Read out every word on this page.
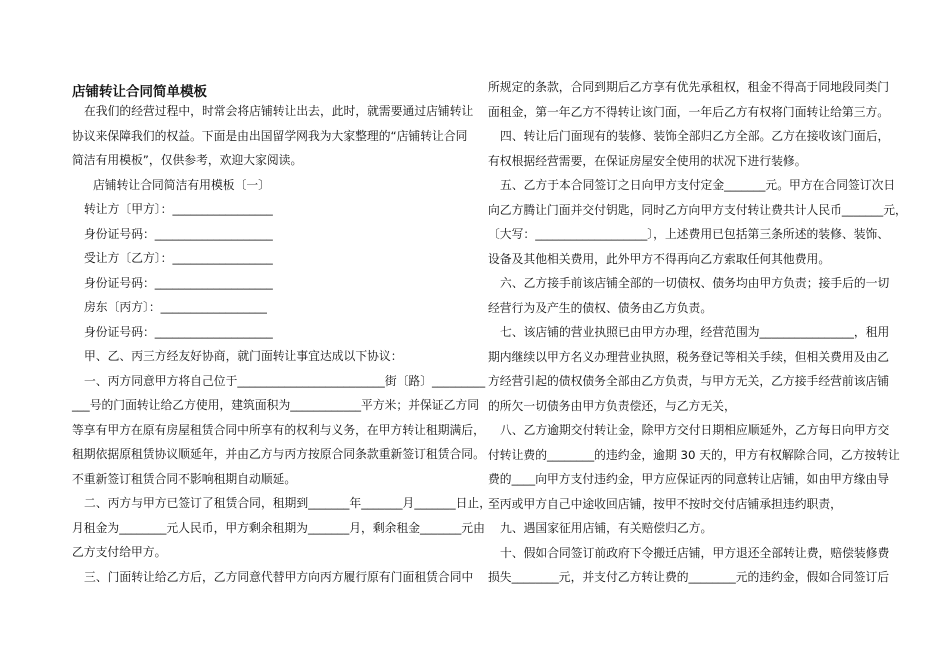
店铺转让合同简单模板
在我们的经营过程中，时常会将店铺转让出去，此时，就需要通过店铺转让
协议来保障我们的权益。下面是由出国留学网我为大家整理的“店铺转让合同
简洁有用模板”，仅供参考，欢迎大家阅读。
店铺转让合同简洁有用模板〔一〕
转让方〔甲方〕：_________________
身份证号码：____________________
受让方〔乙方〕：_________________
身份证号码：____________________
房东〔丙方〕：__________________
身份证号码：____________________
甲、乙、丙三方经友好协商，就门面转让事宜达成以下协议：
一、丙方同意甲方将自己位于_________________________街〔路〕_________
___号的门面转让给乙方使用，建筑面积为____________平方米；并保证乙方同
等享有甲方在原有房屋租赁合同中所享有的权利与义务，在甲方转让租期满后，
租期依据原租赁协议顺延年，并由乙方与丙方按原合同条款重新签订租赁合同。
不重新签订租赁合同不影响租期自动顺延。
二、丙方与甲方已签订了租赁合同，租期到_______年_______月_______日止，
月租金为________元人民币，甲方剩余租期为_______月，剩余租金_______元由
乙方支付给甲方。
三、门面转让给乙方后，乙方同意代替甲方向丙方履行原有门面租赁合同中
所规定的条款，合同到期后乙方享有优先承租权，租金不得高于同地段同类门
面租金，第一年乙方不得转让该门面，一年后乙方有权将门面转让给第三方。
四、转让后门面现有的装修、装饰全部归乙方全部。乙方在接收该门面后，
有权根据经营需要，在保证房屋安全使用的状况下进行装修。
五、乙方于本合同签订之日向甲方支付定金_______元。甲方在合同签订次日
向乙方腾让门面并交付钥匙，同时乙方向甲方支付转让费共计人民币_______元，
〔大写：___________________〕，上述费用已包括第三条所述的装修、装饰、
设备及其他相关费用，此外甲方不得再向乙方索取任何其他费用。
六、乙方接手前该店铺全部的一切债权、债务均由甲方负责；接手后的一切
经营行为及产生的债权、债务由乙方负责。
七、该店铺的营业执照已由甲方办理，经营范围为________________，租用
期内继续以甲方名义办理营业执照，税务登记等相关手续，但相关费用及由乙
方经营引起的债权债务全部由乙方负责，与甲方无关，乙方接手经营前该店铺
的所欠一切债务由甲方负责偿还，与乙方无关，
八、乙方逾期交付转让金，除甲方交付日期相应顺延外，乙方每日向甲方交
付转让费的________的违约金，逾期 30 天的，甲方有权解除合同，乙方按转让
费的____向甲方支付违约金，甲方应保证丙的同意转让店铺，如由甲方缘由导
至丙或甲方自己中途收回店铺，按甲不按时交付店铺承担违约职责，
九、遇国家征用店铺，有关赔偿归乙方。
十、假如合同签订前政府下令搬迁店铺，甲方退还全部转让费，赔偿装修费
损失________元，并支付乙方转让费的________元的违约金，假如合同签订后
